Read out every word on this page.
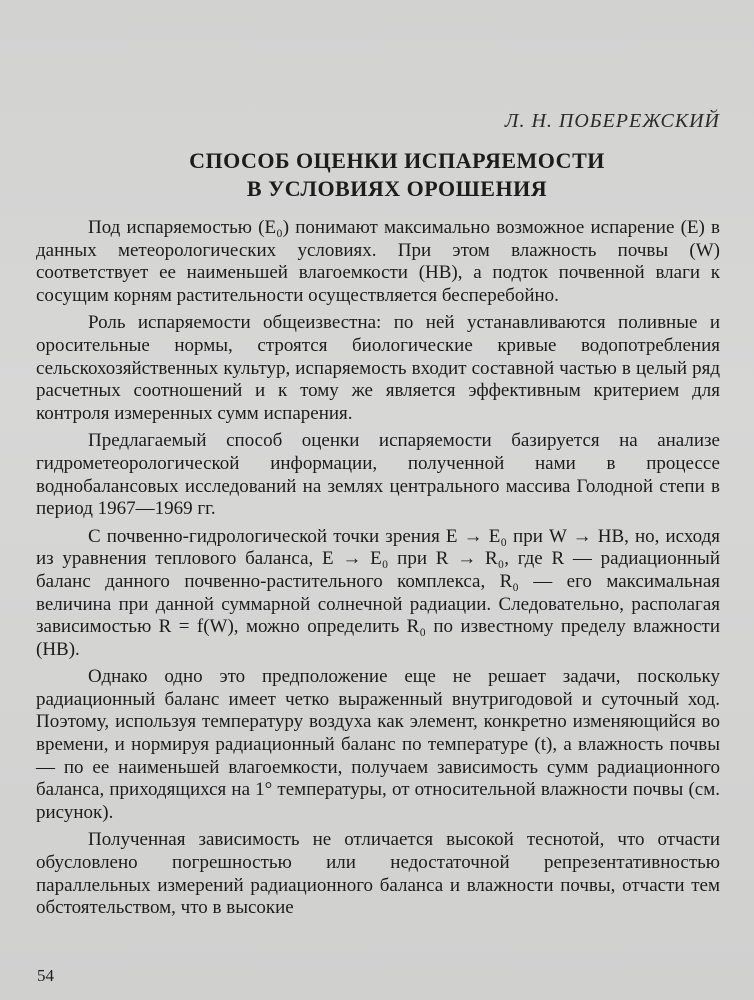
Л. Н. ПОБЕРЕЖСКИЙ
СПОСОБ ОЦЕНКИ ИСПАРЯЕМОСТИ
В УСЛОВИЯХ ОРОШЕНИЯ

Под испаряемостью (E₀) понимают максимально возможное испарение (E) в данных метеорологических условиях. При этом влажность почвы (W) соответствует ее наименьшей влагоемкости (НВ), а подток почвенной влаги к сосущим корням растительности осуществляется бесперебойно.

Роль испаряемости общеизвестна: по ней устанавливаются поливные и оросительные нормы, строятся биологические кривые водопотребления сельскохозяйственных культур, испаряемость входит составной частью в целый ряд расчетных соотношений и к тому же является эффективным критерием для контроля измеренных сумм испарения.

Предлагаемый способ оценки испаряемости базируется на анализе гидрометеорологической информации, полученной нами в процессе воднобалансовых исследований на землях центрального массива Голодной степи в период 1967—1969 гг.

С почвенно-гидрологической точки зрения E → E₀ при W → НВ, но, исходя из уравнения теплового баланса, E → E₀ при R → R₀, где R — радиационный баланс данного почвенно-растительного комплекса, R₀ — его максимальная величина при данной суммарной солнечной радиации. Следовательно, располагая зависимостью R = f(W), можно определить R₀ по известному пределу влажности (НВ).

Однако одно это предположение еще не решает задачи, поскольку радиационный баланс имеет четко выраженный внутригодовой и суточный ход. Поэтому, используя температуру воздуха как элемент, конкретно изменяющийся во времени, и нормируя радиационный баланс по температуре (t), а влажность почвы — по ее наименьшей влагоемкости, получаем зависимость сумм радиационного баланса, приходящихся на 1° температуры, от относительной влажности почвы (см. рисунок).

Полученная зависимость не отличается высокой теснотой, что отчасти обусловлено погрешностью или недостаточной репрезентативностью параллельных измерений радиационного баланса и влажности почвы, отчасти тем обстоятельством, что в высокие

54
